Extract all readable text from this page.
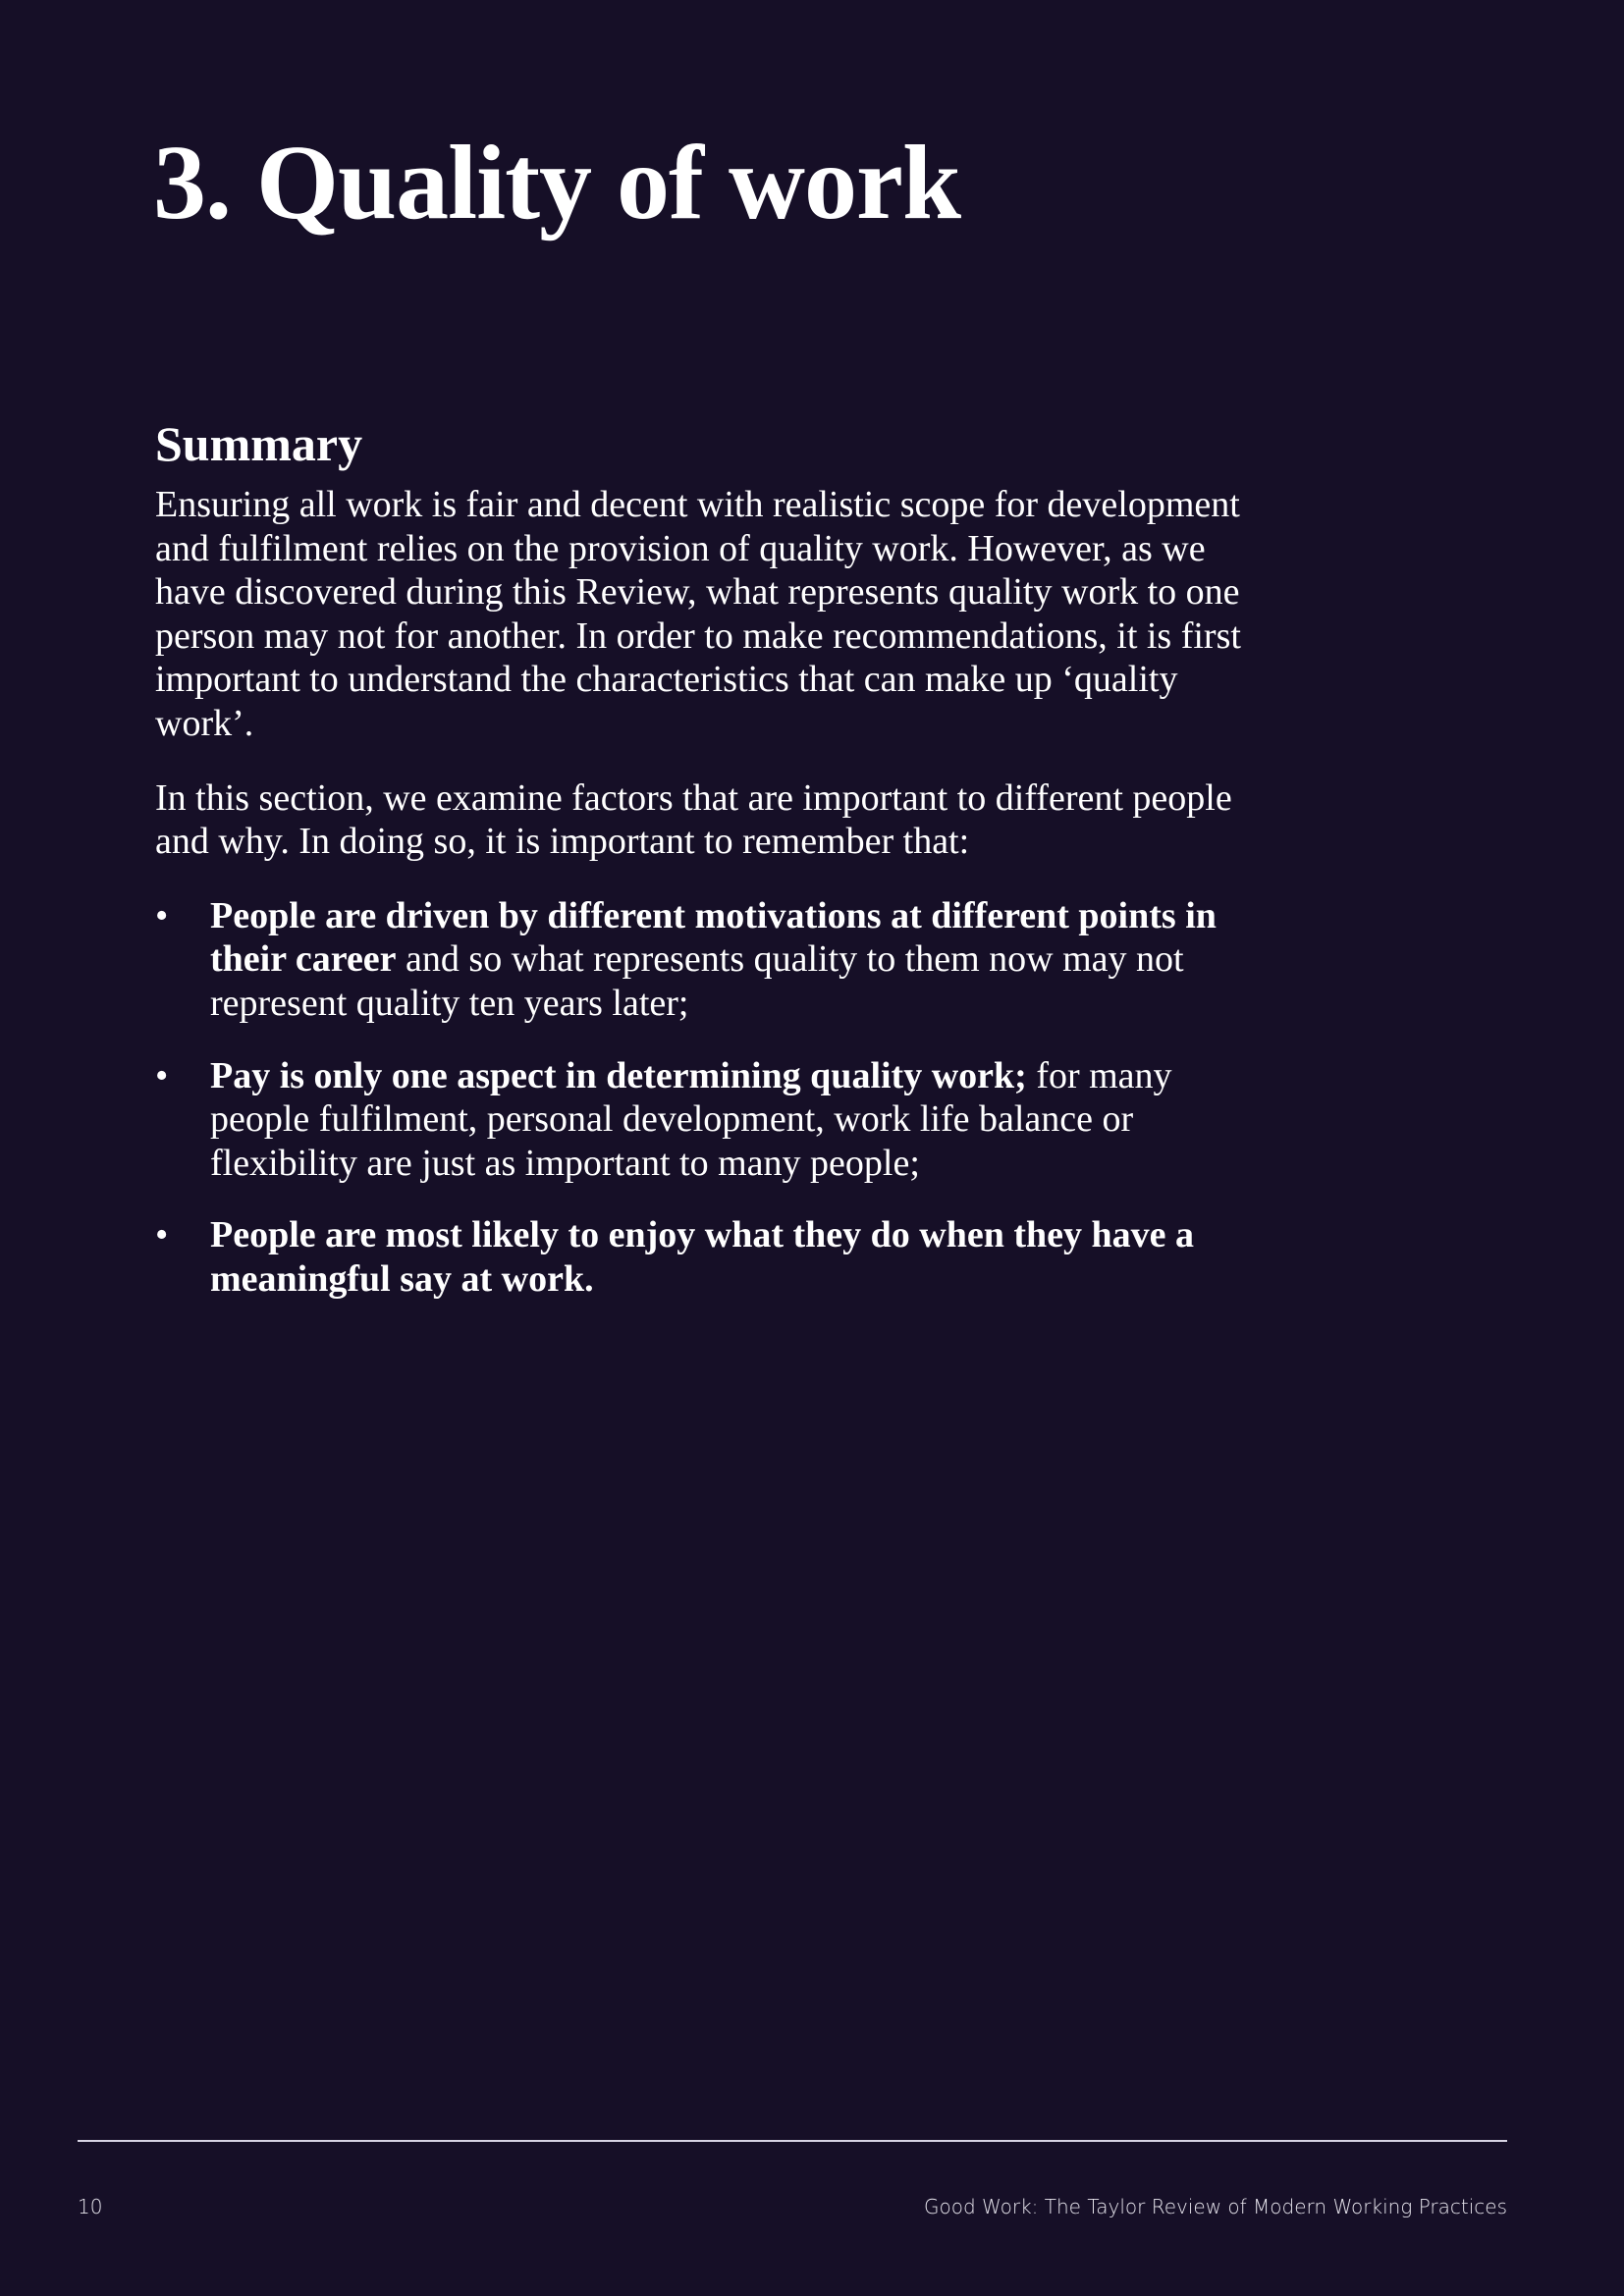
3. Quality of work
Summary

Ensuring all work is fair and decent with realistic scope for development and fulfilment relies on the provision of quality work. However, as we have discovered during this Review, what represents quality work to one person may not for another. In order to make recommendations, it is first important to understand the characteristics that can make up ‘quality work’.

In this section, we examine factors that are important to different people and why. In doing so, it is important to remember that:

• People are driven by different motivations at different points in their career and so what represents quality to them now may not represent quality ten years later;
• Pay is only one aspect in determining quality work; for many people fulfilment, personal development, work life balance or flexibility are just as important to many people;
• People are most likely to enjoy what they do when they have a meaningful say at work.
10	Good Work: The Taylor Review of Modern Working Practices
